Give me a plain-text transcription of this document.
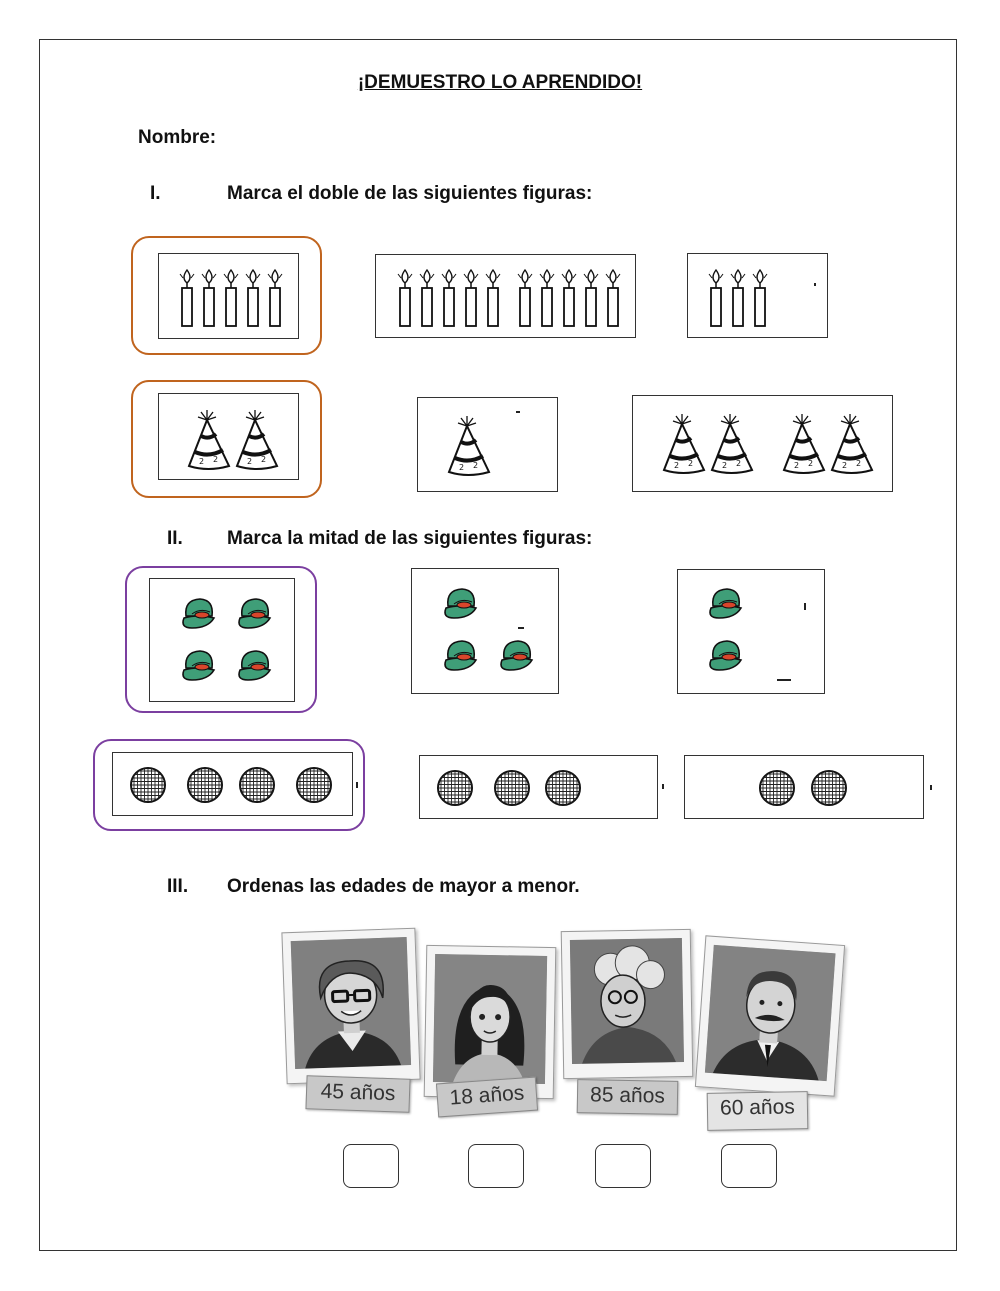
¡DEMUESTRO LO APRENDIDO!
Nombre:
I.	Marca el doble de las siguientes figuras:
2 2	2 2
2 2	2 2	2 2	2 2	2 2
II. Marca la mitad de las siguientes figuras:
III. Ordenas las edades de mayor a menor.
45 años	18 años	85 años	60 años
